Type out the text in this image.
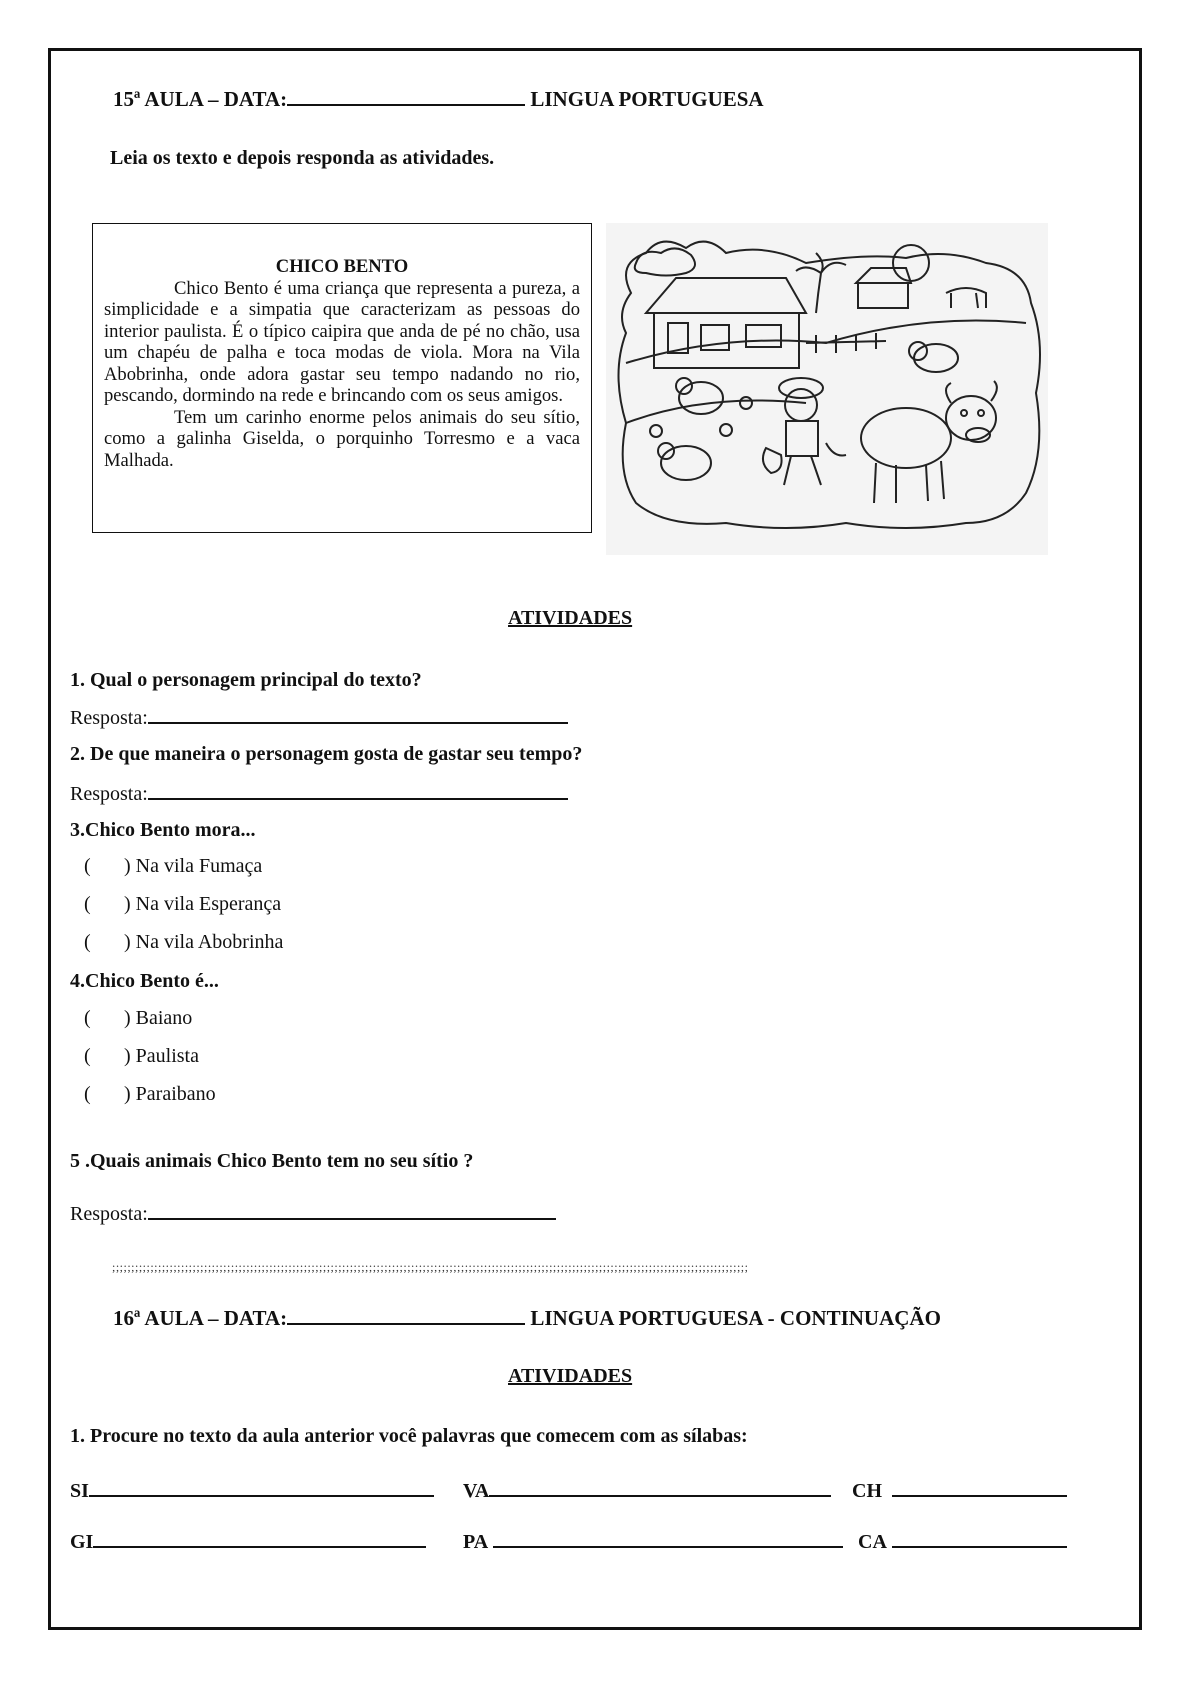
15ª AULA – DATA:	LINGUA PORTUGUESA
Leia os texto e depois responda as atividades.
CHICO BENTO

Chico Bento é uma criança que representa a pureza, a simplicidade e a simpatia que caracterizam as pessoas do interior paulista. É o típico caipira que anda de pé no chão, usa um chapéu de palha e toca modas de viola. Mora na Vila Abobrinha, onde adora gastar seu tempo nadando no rio, pescando, dormindo na rede e brincando com os seus amigos.

Tem um carinho enorme pelos animais do seu sítio, como a galinha Giselda, o porquinho Torresmo e a vaca Malhada.

ATIVIDADES
1. Qual o personagem principal do texto?
Resposta:
2. De que maneira o personagem gosta de gastar seu tempo?
Resposta:
3.Chico Bento mora...
( ) Na vila Fumaça
( ) Na vila Esperança
( ) Na vila Abobrinha
4.Chico Bento é...
( ) Baiano
( ) Paulista
( ) Paraibano
5 .Quais animais Chico Bento tem no seu sítio ?
Resposta:
;;;;;;;;;;;;;;;;;;;;;;;;;;;;;;;;;;;;;;;;;;;;;;;;;;;;;;;;;;;;;;;;;;;;;;;;;;;;;;;;;;;;;;;;;;;;;;;;;;;;;;;;;;;;;;;;;;;;;;;;;;;;;;;;;;;;;;;;;;;;;;;;;;;;;;;;;;;;;;;;;;;;;;
16ª AULA – DATA:	LINGUA PORTUGUESA - CONTINUAÇÃO
ATIVIDADES
1. Procure no texto da aula anterior você palavras que comecem com as sílabas:
SI	VA	CH
GI	PA	CA
